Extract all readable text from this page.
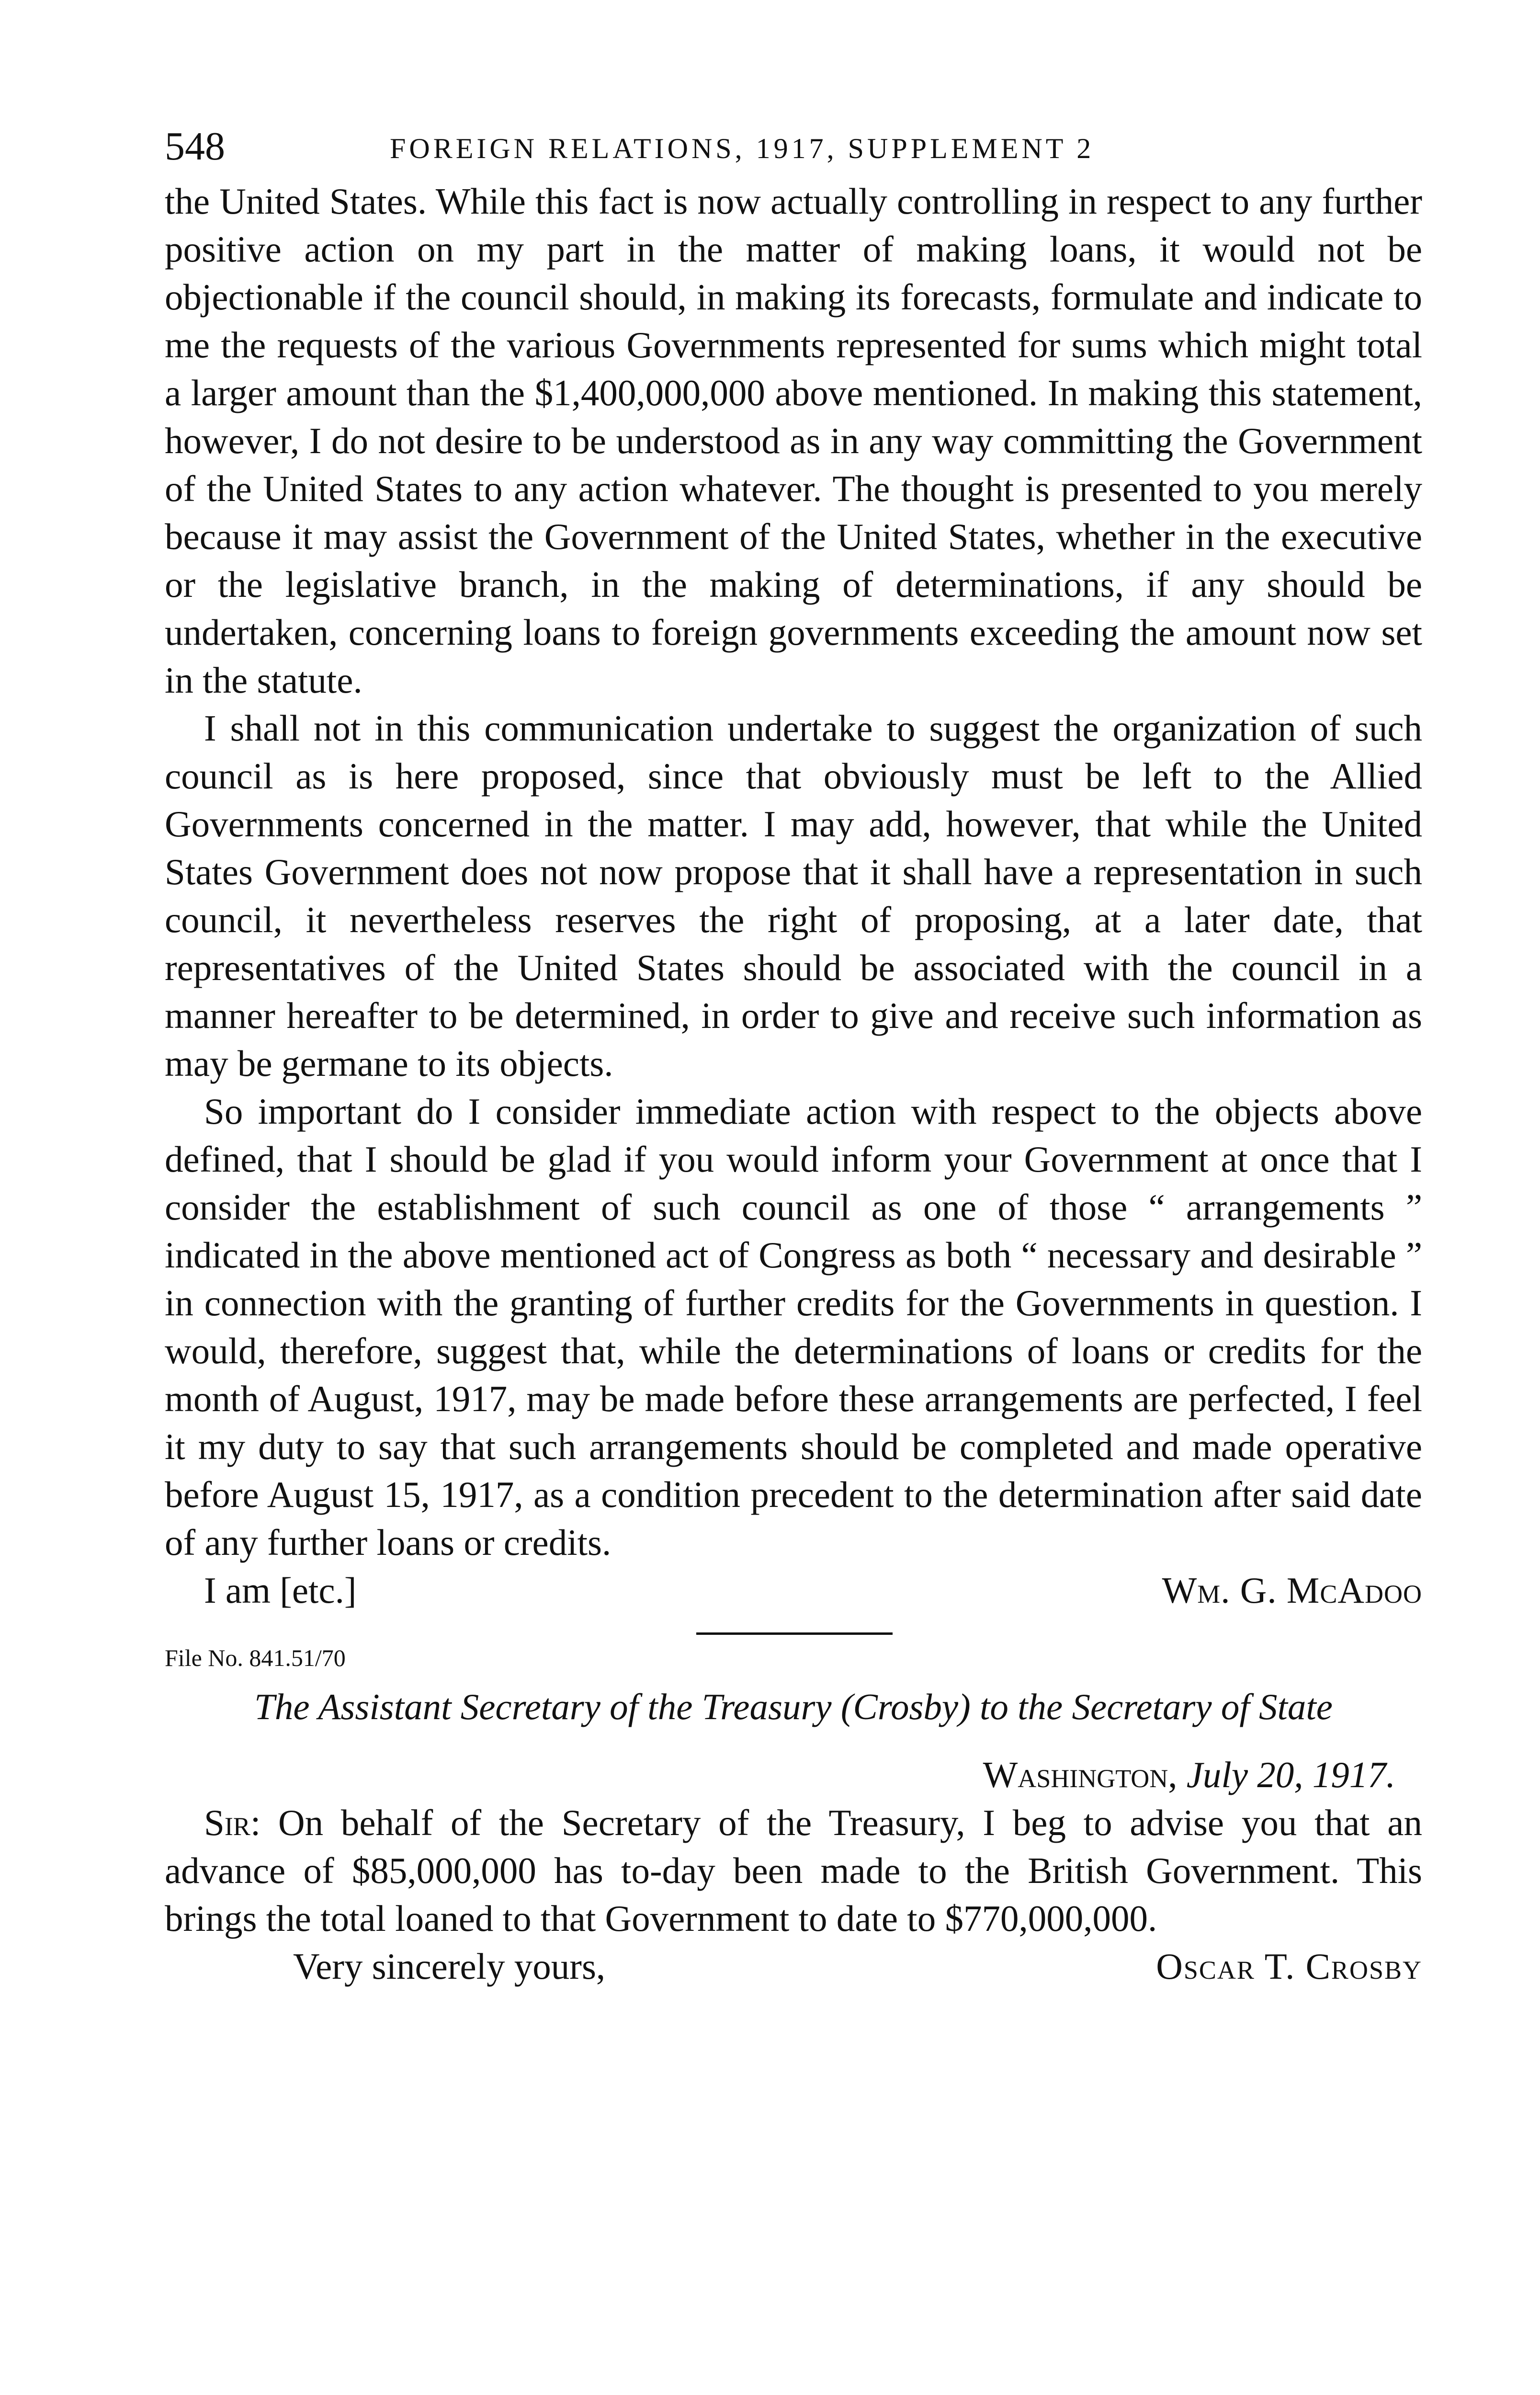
548	FOREIGN RELATIONS, 1917, SUPPLEMENT 2

the United States. While this fact is now actually controlling in respect to any further positive action on my part in the matter of making loans, it would not be objectionable if the council should, in making its forecasts, formulate and indicate to me the requests of the various Governments represented for sums which might total a larger amount than the $1,400,000,000 above mentioned. In making this statement, however, I do not desire to be understood as in any way committing the Government of the United States to any action whatever. The thought is presented to you merely because it may assist the Government of the United States, whether in the executive or the legislative branch, in the making of determinations, if any should be undertaken, concerning loans to foreign governments exceeding the amount now set in the statute.

I shall not in this communication undertake to suggest the organization of such council as is here proposed, since that obviously must be left to the Allied Governments concerned in the matter. I may add, however, that while the United States Government does not now propose that it shall have a representation in such council, it nevertheless reserves the right of proposing, at a later date, that representatives of the United States should be associated with the council in a manner hereafter to be determined, in order to give and receive such information as may be germane to its objects.

So important do I consider immediate action with respect to the objects above defined, that I should be glad if you would inform your Government at once that I consider the establishment of such council as one of those “ arrangements ” indicated in the above mentioned act of Congress as both “ necessary and desirable ” in connection with the granting of further credits for the Governments in question. I would, therefore, suggest that, while the determinations of loans or credits for the month of August, 1917, may be made before these arrangements are perfected, I feel it my duty to say that such arrangements should be completed and made operative before August 15, 1917, as a condition precedent to the determination after said date of any further loans or credits.

I am [etc.]	Wm. G. McAdoo
File No. 841.51/70

The Assistant Secretary of the Treasury (Crosby) to the Secretary of State

Washington, July 20, 1917.

Sir: On behalf of the Secretary of the Treasury, I beg to advise you that an advance of $85,000,000 has to-day been made to the British Government. This brings the total loaned to that Government to date to $770,000,000.

Very sincerely yours,	Oscar T. Crosby
